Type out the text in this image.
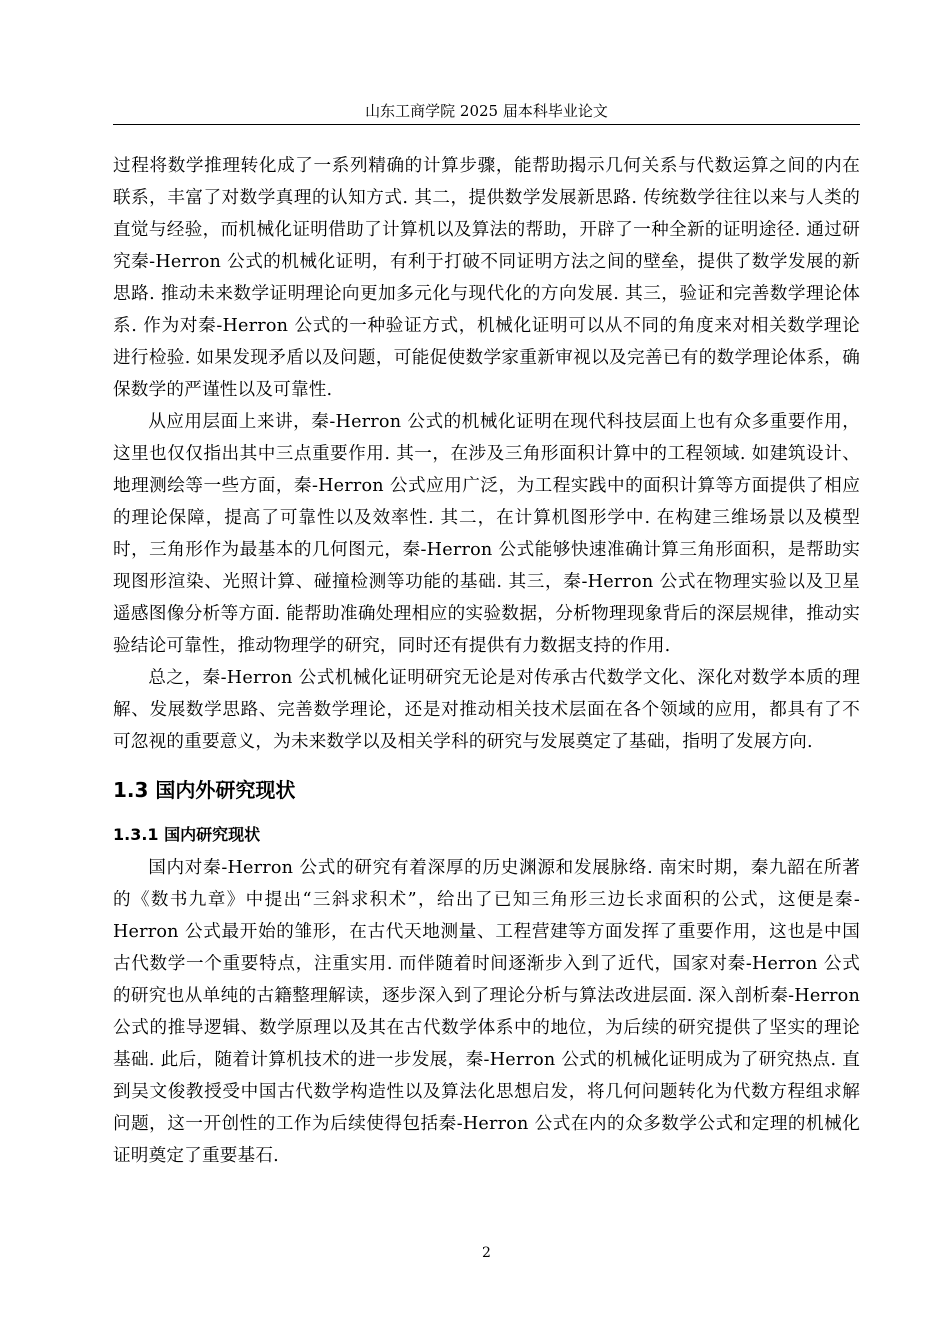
山东工商学院 2025 届本科毕业论文

过程将数学推理转化成了一系列精确的计算步骤，能帮助揭示几何关系与代数运算之间的内在联系，丰富了对数学真理的认知方式. 其二，提供数学发展新思路. 传统数学往往以来与人类的直觉与经验，而机械化证明借助了计算机以及算法的帮助，开辟了一种全新的证明途径. 通过研究秦-Herron 公式的机械化证明，有利于打破不同证明方法之间的壁垒，提供了数学发展的新思路. 推动未来数学证明理论向更加多元化与现代化的方向发展. 其三，验证和完善数学理论体系. 作为对秦-Herron 公式的一种验证方式，机械化证明可以从不同的角度来对相关数学理论进行检验. 如果发现矛盾以及问题，可能促使数学家重新审视以及完善已有的数学理论体系，确保数学的严谨性以及可靠性.

从应用层面上来讲，秦-Herron 公式的机械化证明在现代科技层面上也有众多重要作用，这里也仅仅指出其中三点重要作用. 其一，在涉及三角形面积计算中的工程领域. 如建筑设计、地理测绘等一些方面，秦-Herron 公式应用广泛，为工程实践中的面积计算等方面提供了相应的理论保障，提高了可靠性以及效率性. 其二，在计算机图形学中. 在构建三维场景以及模型时，三角形作为最基本的几何图元，秦-Herron 公式能够快速准确计算三角形面积，是帮助实现图形渲染、光照计算、碰撞检测等功能的基础. 其三，秦-Herron 公式在物理实验以及卫星遥感图像分析等方面. 能帮助准确处理相应的实验数据，分析物理现象背后的深层规律，推动实验结论可靠性，推动物理学的研究，同时还有提供有力数据支持的作用.

总之，秦-Herron 公式机械化证明研究无论是对传承古代数学文化、深化对数学本质的理解、发展数学思路、完善数学理论，还是对推动相关技术层面在各个领域的应用，都具有了不可忽视的重要意义，为未来数学以及相关学科的研究与发展奠定了基础，指明了发展方向.

1.3 国内外研究现状
1.3.1 国内研究现状

国内对秦-Herron 公式的研究有着深厚的历史渊源和发展脉络. 南宋时期，秦九韶在所著的《数书九章》中提出“三斜求积术”，给出了已知三角形三边长求面积的公式，这便是秦-Herron 公式最开始的雏形，在古代天地测量、工程营建等方面发挥了重要作用，这也是中国古代数学一个重要特点，注重实用. 而伴随着时间逐渐步入到了近代，国家对秦-Herron 公式的研究也从单纯的古籍整理解读，逐步深入到了理论分析与算法改进层面. 深入剖析秦-Herron 公式的推导逻辑、数学原理以及其在古代数学体系中的地位，为后续的研究提供了坚实的理论基础. 此后，随着计算机技术的进一步发展，秦-Herron 公式的机械化证明成为了研究热点. 直到吴文俊教授受中国古代数学构造性以及算法化思想启发，将几何问题转化为代数方程组求解问题，这一开创性的工作为后续使得包括秦-Herron 公式在内的众多数学公式和定理的机械化证明奠定了重要基石.

2
